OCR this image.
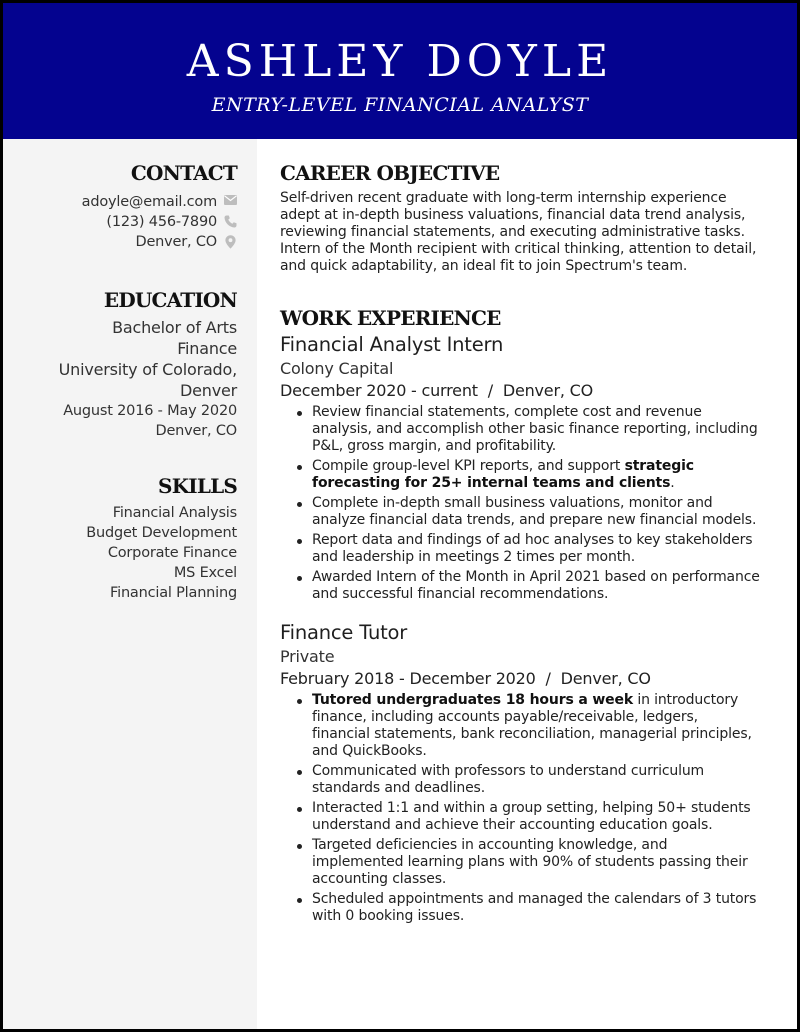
ASHLEY DOYLE
ENTRY-LEVEL FINANCIAL ANALYST
CONTACT
adoyle@email.com
(123) 456-7890
Denver, CO
EDUCATION
Bachelor of Arts
Finance
University of Colorado,
Denver
August 2016 - May 2020
Denver, CO
SKILLS
Financial Analysis
Budget Development
Corporate Finance
MS Excel
Financial Planning
CAREER OBJECTIVE
Self-driven recent graduate with long-term internship experience adept at in-depth business valuations, financial data trend analysis, reviewing financial statements, and executing administrative tasks. Intern of the Month recipient with critical thinking, attention to detail, and quick adaptability, an ideal fit to join Spectrum's team.
WORK EXPERIENCE
Financial Analyst Intern
Colony Capital
December 2020 - current / Denver, CO
Review financial statements, complete cost and revenue analysis, and accomplish other basic finance reporting, including P&L, gross margin, and profitability.
Compile group-level KPI reports, and support strategic forecasting for 25+ internal teams and clients.
Complete in-depth small business valuations, monitor and analyze financial data trends, and prepare new financial models.
Report data and findings of ad hoc analyses to key stakeholders and leadership in meetings 2 times per month.
Awarded Intern of the Month in April 2021 based on performance and successful financial recommendations.
Finance Tutor
Private
February 2018 - December 2020 / Denver, CO
Tutored undergraduates 18 hours a week in introductory finance, including accounts payable/receivable, ledgers, financial statements, bank reconciliation, managerial principles, and QuickBooks.
Communicated with professors to understand curriculum standards and deadlines.
Interacted 1:1 and within a group setting, helping 50+ students understand and achieve their accounting education goals.
Targeted deficiencies in accounting knowledge, and implemented learning plans with 90% of students passing their accounting classes.
Scheduled appointments and managed the calendars of 3 tutors with 0 booking issues.
